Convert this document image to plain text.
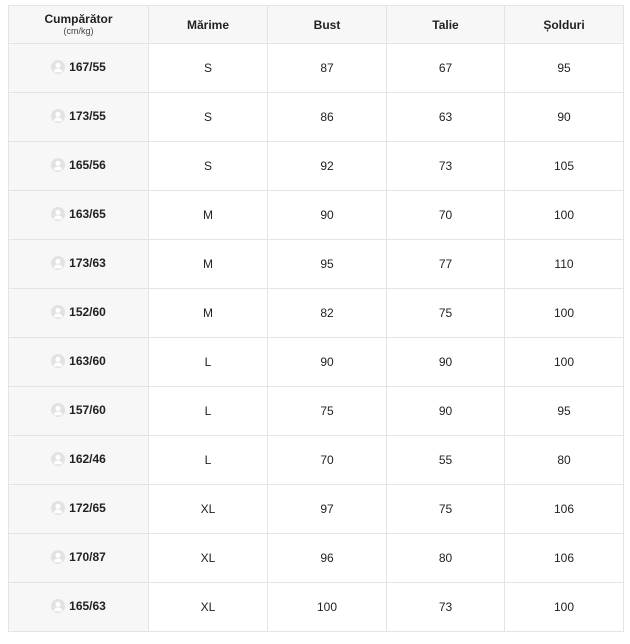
Cumpărător
(cm/kg)	Mărime	Bust	Talie	Șolduri

167/55	S	87	67	95

173/55	S	86	63	90

165/56	S	92	73	105

163/65	M	90	70	100

173/63	M	95	77	110

152/60	M	82	75	100

163/60	L	90	90	100

157/60	L	75	90	95

162/46	L	70	55	80

172/65	XL	97	75	106

170/87	XL	96	80	106

165/63	XL	100	73	100
